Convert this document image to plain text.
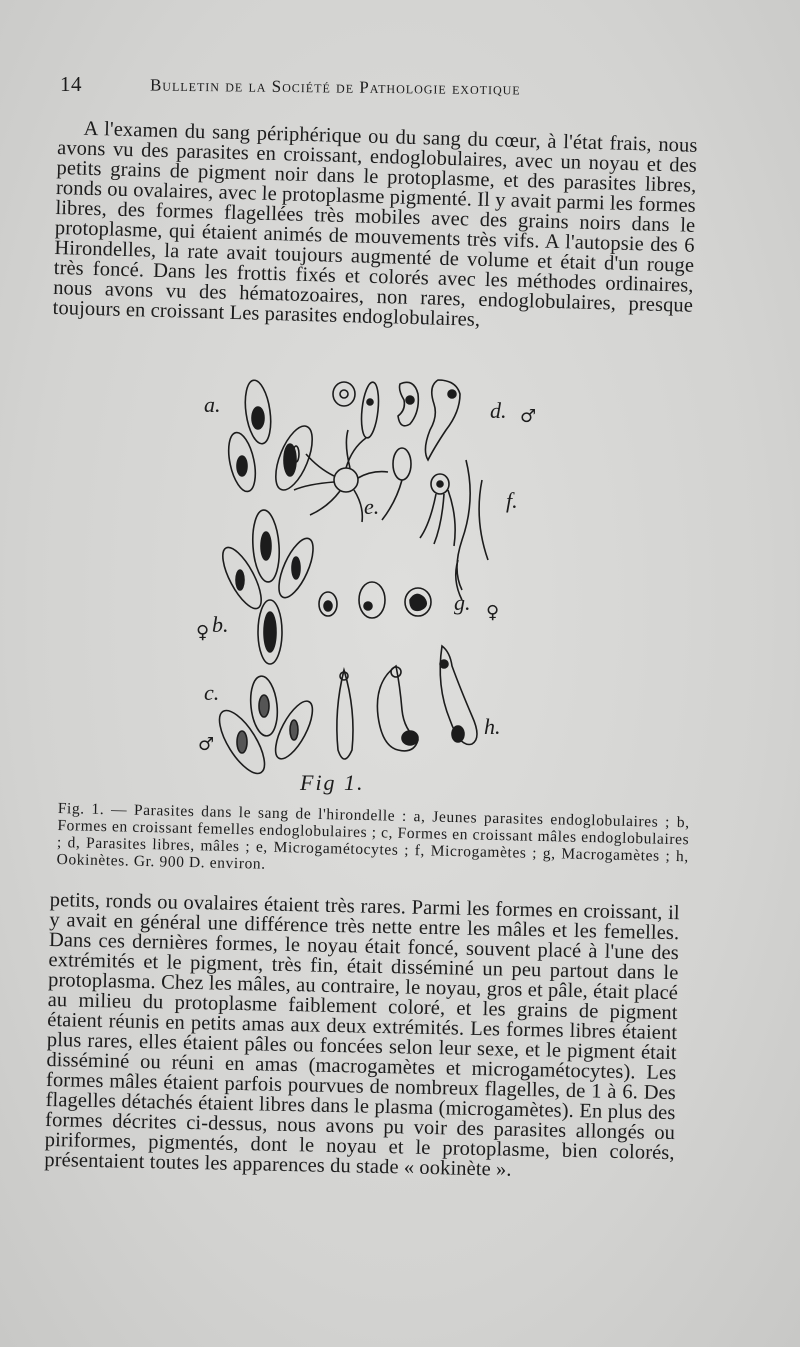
14	Bulletin de la Société de Pathologie exotique

A l'examen du sang périphérique ou du sang du cœur, à l'état frais, nous avons vu des parasites en croissant, endoglobulaires, avec un noyau et des petits grains de pigment noir dans le protoplasme, et des parasites libres, ronds ou ovalaires, avec le protoplasme pigmenté. Il y avait parmi les formes libres, des formes flagellées très mobiles avec des grains noirs dans le protoplasme, qui étaient animés de mouvements très vifs. A l'autopsie des 6 Hirondelles, la rate avait toujours augmenté de volume et était d'un rouge très foncé. Dans les frottis fixés et colorés avec les méthodes ordinaires, nous avons vu des hématozoaires, non rares, endoglobulaires, presque toujours en croissant Les parasites endoglobulaires,

a.	d. ♂
e.	f.
g. ♀
♀ b.
c.
♂
h.
Fig 1.

Fig. 1. — Parasites dans le sang de l'hirondelle : a, Jeunes parasites endoglobulaires ; b, Formes en croissant femelles endoglobulaires ; c, Formes en croissant mâles endoglobulaires ; d, Parasites libres, mâles ; e, Microgamétocytes ; f, Microgamètes ; g, Macrogamètes ; h, Ookinètes. Gr. 900 D. environ.

petits, ronds ou ovalaires étaient très rares. Parmi les formes en croissant, il y avait en général une différence très nette entre les mâles et les femelles. Dans ces dernières formes, le noyau était foncé, souvent placé à l'une des extrémités et le pigment, très fin, était disséminé un peu partout dans le protoplasma. Chez les mâles, au contraire, le noyau, gros et pâle, était placé au milieu du protoplasme faiblement coloré, et les grains de pigment étaient réunis en petits amas aux deux extrémités. Les formes libres étaient plus rares, elles étaient pâles ou foncées selon leur sexe, et le pigment était disséminé ou réuni en amas (macrogamètes et microgamétocytes). Les formes mâles étaient parfois pourvues de nombreux flagelles, de 1 à 6. Des flagelles détachés étaient libres dans le plasma (microgamètes). En plus des formes décrites ci-dessus, nous avons pu voir des parasites allongés ou piriformes, pigmentés, dont le noyau et le protoplasme, bien colorés, présentaient toutes les apparences du stade « ookinète ».
